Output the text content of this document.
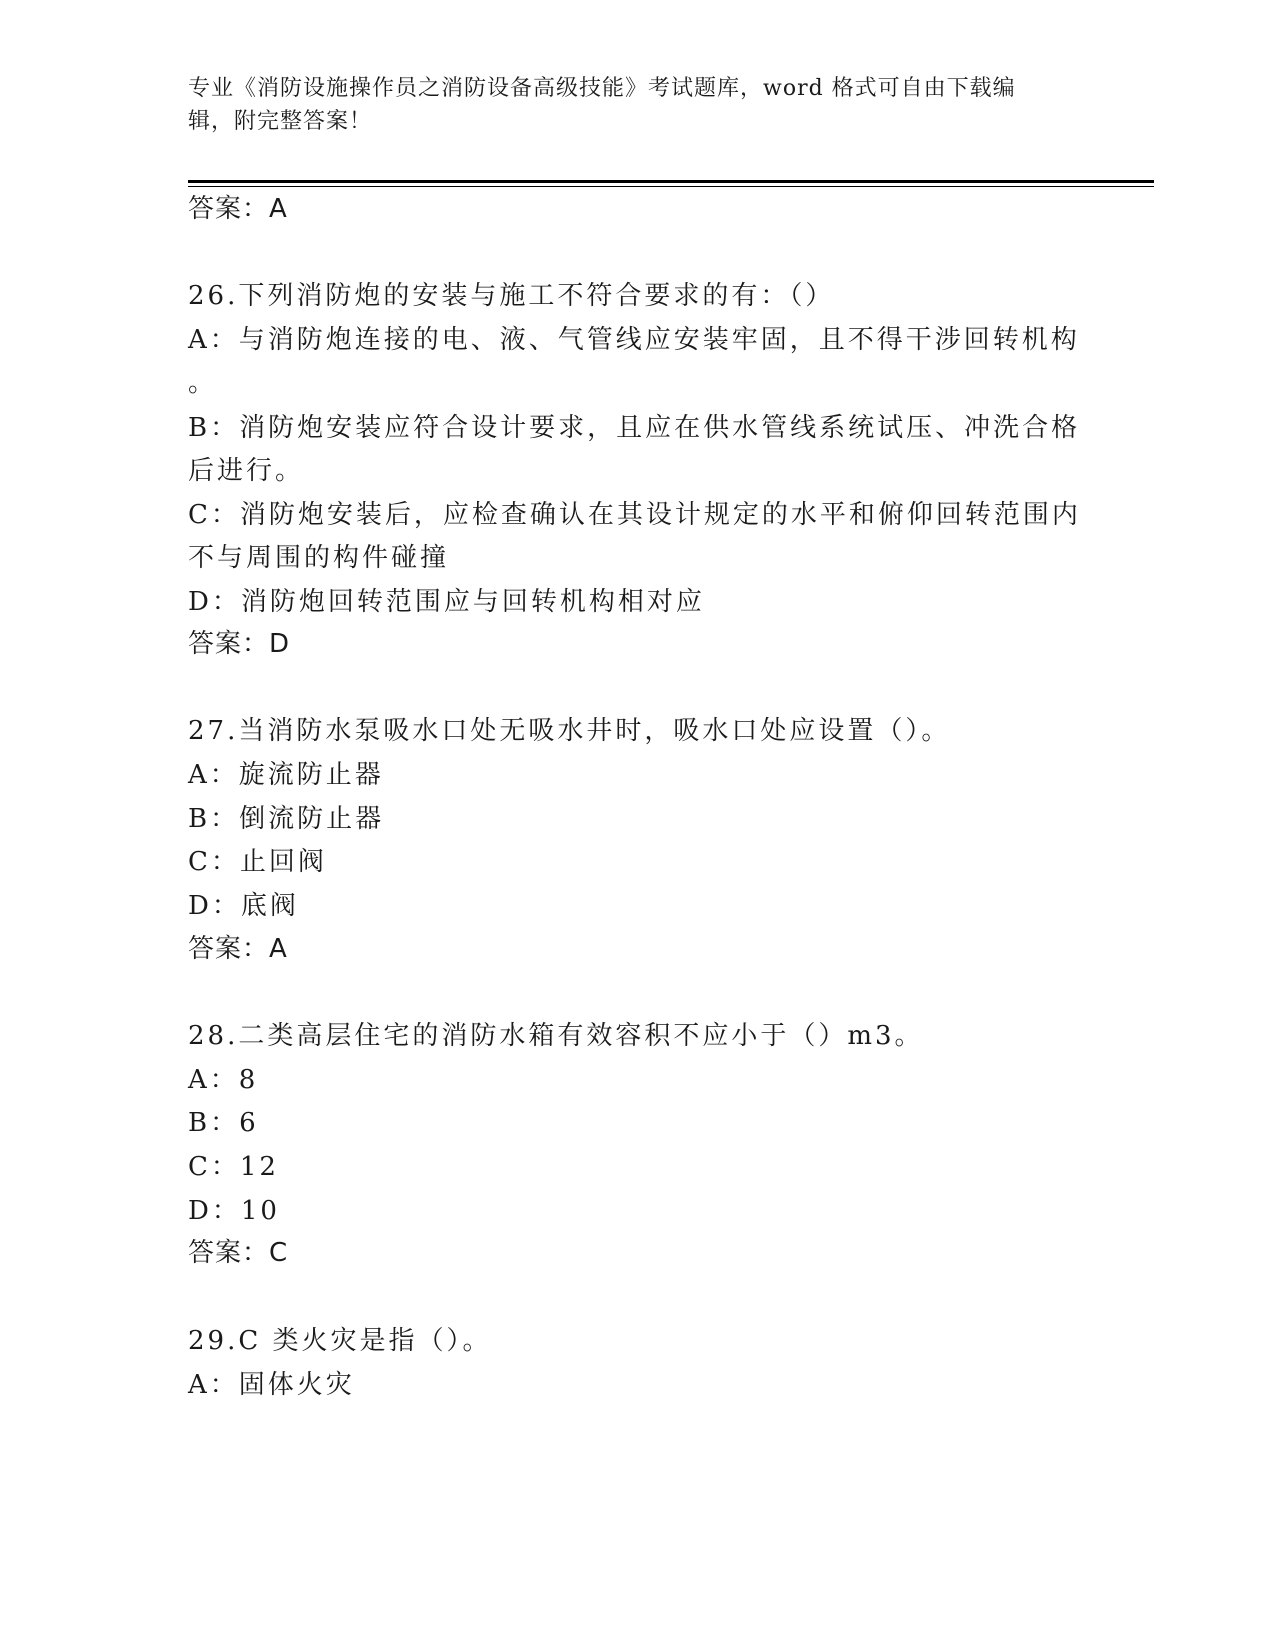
专业《消防设施操作员之消防设备高级技能》考试题库，word 格式可自由下载编
辑，附完整答案！
答案：A
26.下列消防炮的安装与施工不符合要求的有：（）
A：与消防炮连接的电、液、气管线应安装牢固，且不得干涉回转机构
。
B：消防炮安装应符合设计要求，且应在供水管线系统试压、冲洗合格
后进行。
C：消防炮安装后，应检查确认在其设计规定的水平和俯仰回转范围内
不与周围的构件碰撞
D：消防炮回转范围应与回转机构相对应
答案：D
27.当消防水泵吸水口处无吸水井时，吸水口处应设置（）。
A：旋流防止器
B：倒流防止器
C：止回阀
D：底阀
答案：A
28.二类高层住宅的消防水箱有效容积不应小于（）m3。
A：8
B：6
C：12
D：10
答案：C
29.C 类火灾是指（）。
A：固体火灾
